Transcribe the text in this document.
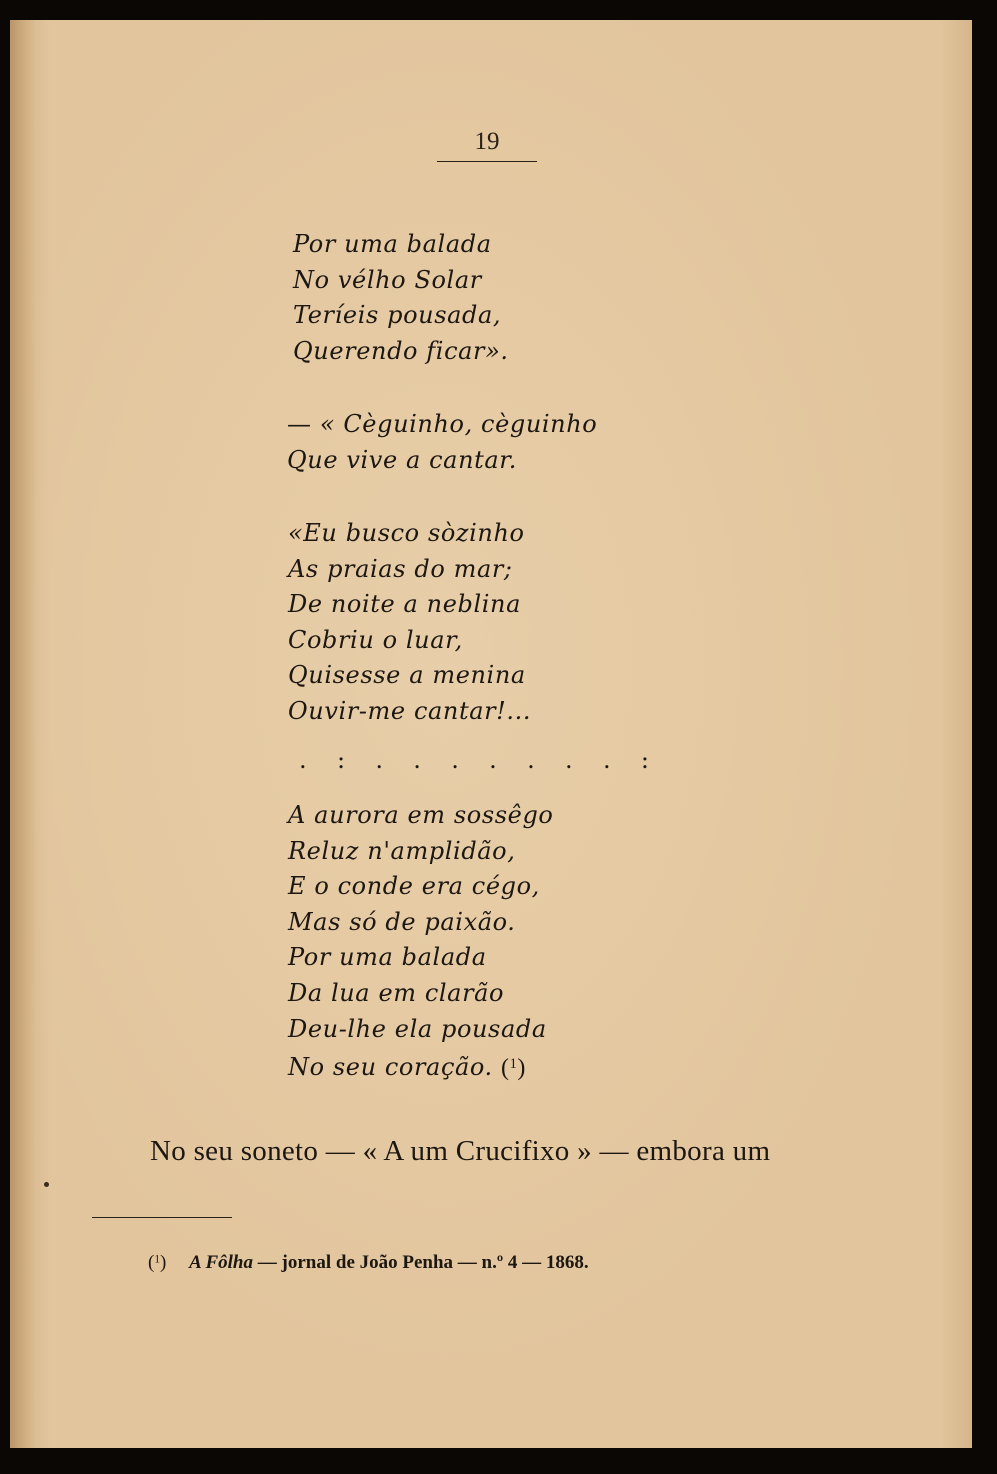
19
Por uma balada
No vélho Solar
Teríeis pousada,
Querendo ficar».
— « Cèguinho, cèguinho
Que vive a cantar.
«Eu busco sòzinho
As praias do mar;
De noite a neblina
Cobriu o luar,
Quisesse a menina
Ouvir-me cantar!...
. : . . . . . . . :
A aurora em sossêgo
Reluz n'amplidão,
E o conde era cégo,
Mas só de paixão.
Por uma balada
Da lua em clarão
Deu-lhe ela pousada
No seu coração. ($^1$)
No seu soneto — « A um Crucifixo » — embora um
($^1$) A Fôlha — jornal de João Penha — n.º 4 — 1868.
